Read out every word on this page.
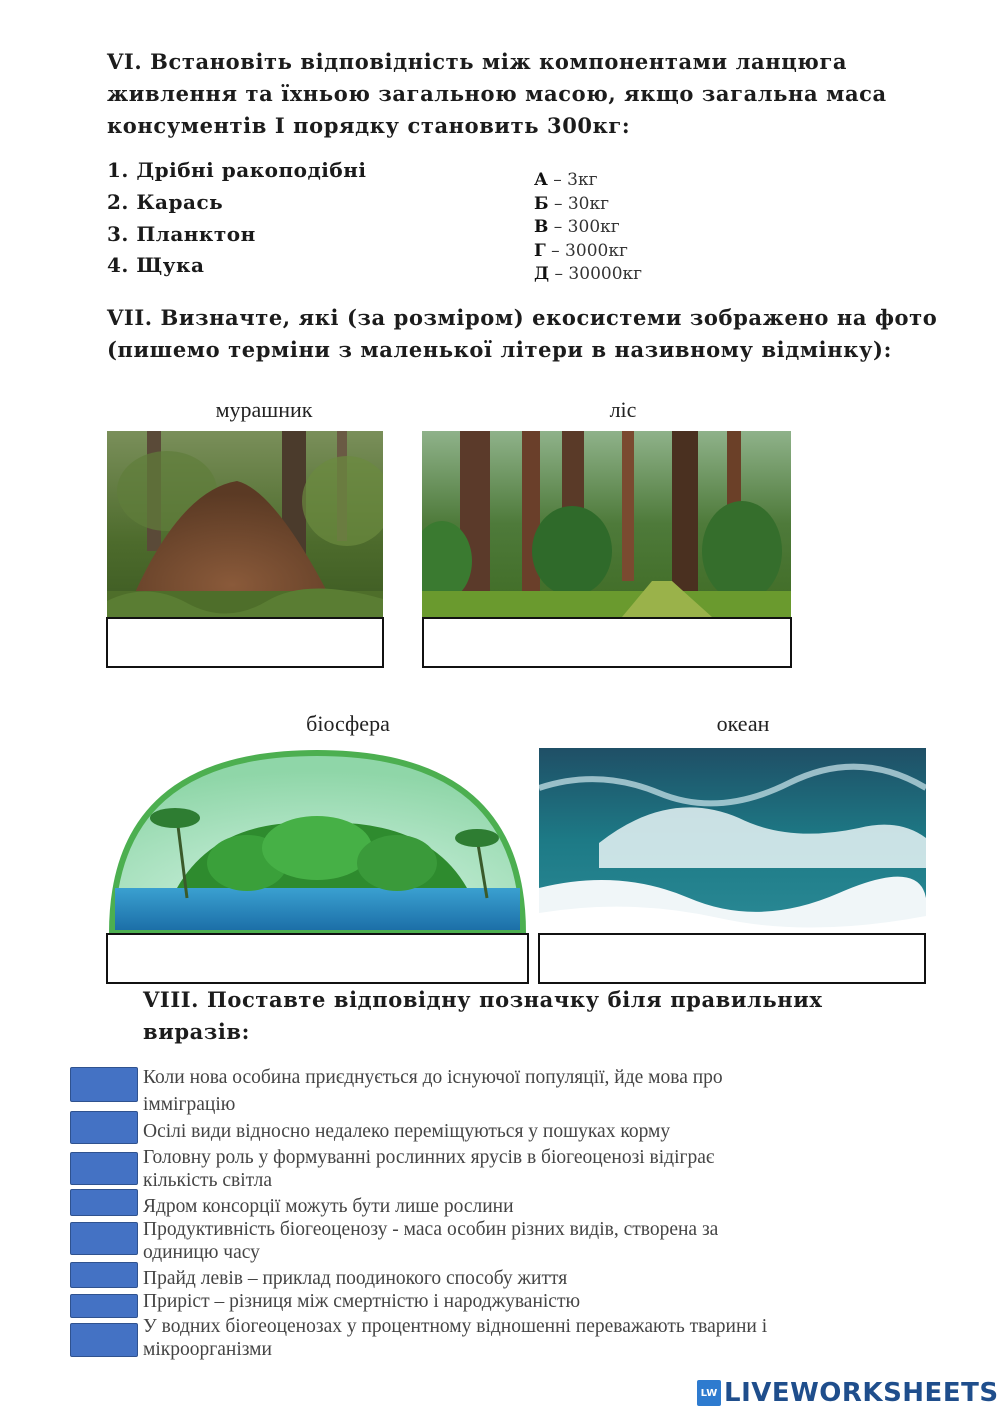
VI. Встановіть відповідність між компонентами ланцюга
живлення та їхньою загальною масою, якщо загальна маса
консументів І порядку становить 300кг:
1. Дрібні ракоподібні
2. Карась
3. Планктон
4. Щука
А – 3кг
Б – 30кг
В – 300кг
Г – 3000кг
Д – 30000кг
VII. Визначте, які (за розміром) екосистеми зображено на фото
(пишемо терміни з маленької літери в називному відмінку):
мурашник	ліс
біосфера	океан
VIII. Поставте відповідну позначку біля правильних
виразів:
Коли нова особина приєднується до існуючої популяції, йде мова про
імміграцію
Осілі види відносно недалеко переміщуються у пошуках корму
Головну роль у формуванні рослинних ярусів в біогеоценозі відіграє
кількість світла
Ядром консорції можуть бути лише рослини
Продуктивність біогеоценозу - маса особин різних видів, створена за
одиницю часу
Прайд левів – приклад поодинокого способу життя
Приріст – різниця між смертністю і народжуваністю
У водних біогеоценозах у процентному відношенні переважають тварини і
мікроорганізми
LW LIVEWORKSHEETS
